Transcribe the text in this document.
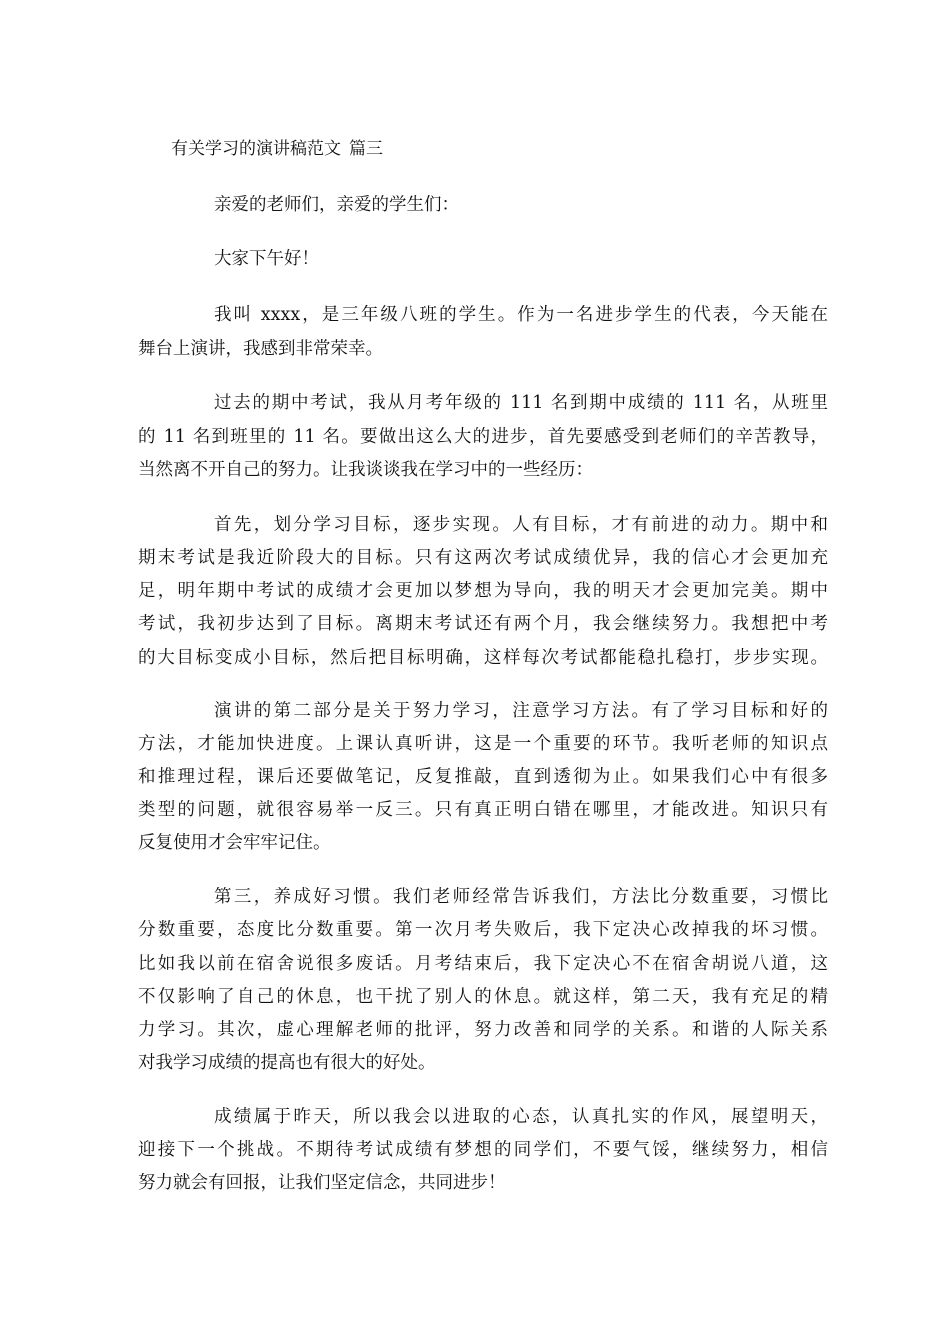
有关学习的演讲稿范文 篇三
亲爱的老师们，亲爱的学生们：
大家下午好！
我叫 xxxx，是三年级八班的学生。作为一名进步学生的代表，今天能在
舞台上演讲，我感到非常荣幸。
过去的期中考试，我从月考年级的 111 名到期中成绩的 111 名，从班里
的 11 名到班里的 11 名。要做出这么大的进步，首先要感受到老师们的辛苦教导，
当然离不开自己的努力。让我谈谈我在学习中的一些经历：
首先，划分学习目标，逐步实现。人有目标，才有前进的动力。期中和
期末考试是我近阶段大的目标。只有这两次考试成绩优异，我的信心才会更加充
足，明年期中考试的成绩才会更加以梦想为导向，我的明天才会更加完美。期中
考试，我初步达到了目标。离期末考试还有两个月，我会继续努力。我想把中考
的大目标变成小目标，然后把目标明确，这样每次考试都能稳扎稳打，步步实现。
演讲的第二部分是关于努力学习，注意学习方法。有了学习目标和好的
方法，才能加快进度。上课认真听讲，这是一个重要的环节。我听老师的知识点
和推理过程，课后还要做笔记，反复推敲，直到透彻为止。如果我们心中有很多
类型的问题，就很容易举一反三。只有真正明白错在哪里，才能改进。知识只有
反复使用才会牢牢记住。
第三，养成好习惯。我们老师经常告诉我们，方法比分数重要，习惯比
分数重要，态度比分数重要。第一次月考失败后，我下定决心改掉我的坏习惯。
比如我以前在宿舍说很多废话。月考结束后，我下定决心不在宿舍胡说八道，这
不仅影响了自己的休息，也干扰了别人的休息。就这样，第二天，我有充足的精
力学习。其次，虚心理解老师的批评，努力改善和同学的关系。和谐的人际关系
对我学习成绩的提高也有很大的好处。
成绩属于昨天，所以我会以进取的心态，认真扎实的作风，展望明天，
迎接下一个挑战。不期待考试成绩有梦想的同学们，不要气馁，继续努力，相信
努力就会有回报，让我们坚定信念，共同进步！
